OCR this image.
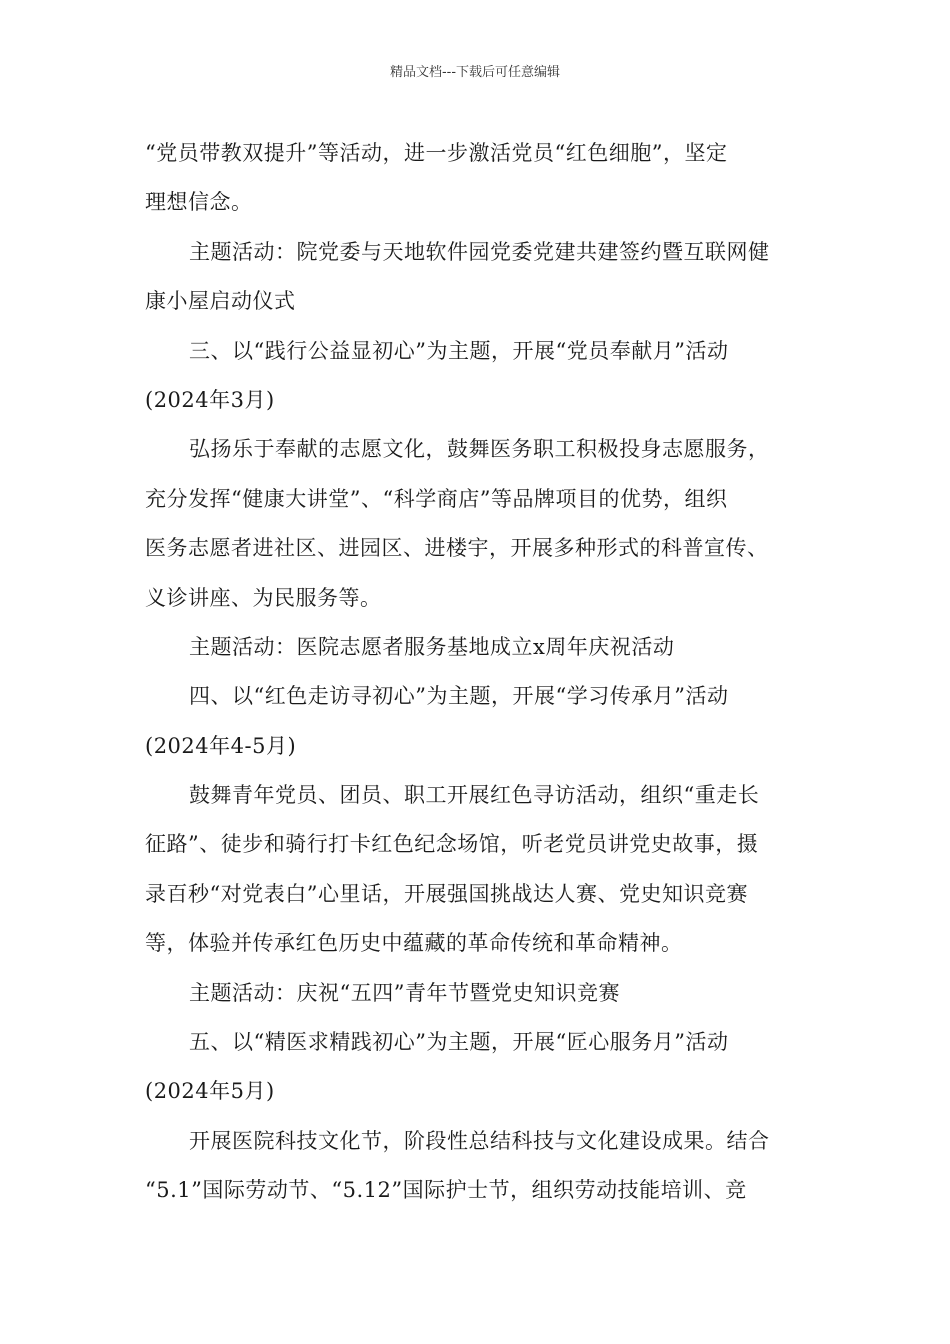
精品文档---下载后可任意编辑
“党员带教双提升”等活动，进一步激活党员“红色细胞”，坚定
理想信念。
主题活动：院党委与天地软件园党委党建共建签约暨互联网健
康小屋启动仪式
三、以“践行公益显初心”为主题，开展“党员奉献月”活动
(2024年3月)
弘扬乐于奉献的志愿文化，鼓舞医务职工积极投身志愿服务，
充分发挥“健康大讲堂”、“科学商店”等品牌项目的优势，组织
医务志愿者进社区、进园区、进楼宇，开展多种形式的科普宣传、
义诊讲座、为民服务等。
主题活动：医院志愿者服务基地成立x周年庆祝活动
四、以“红色走访寻初心”为主题，开展“学习传承月”活动
(2024年4-5月)
鼓舞青年党员、团员、职工开展红色寻访活动，组织“重走长
征路”、徒步和骑行打卡红色纪念场馆，听老党员讲党史故事，摄
录百秒“对党表白”心里话，开展强国挑战达人赛、党史知识竞赛
等，体验并传承红色历史中蕴藏的革命传统和革命精神。
主题活动：庆祝“五四”青年节暨党史知识竞赛
五、以“精医求精践初心”为主题，开展“匠心服务月”活动
(2024年5月)
开展医院科技文化节，阶段性总结科技与文化建设成果。结合
“5.1”国际劳动节、“5.12”国际护士节，组织劳动技能培训、竞
